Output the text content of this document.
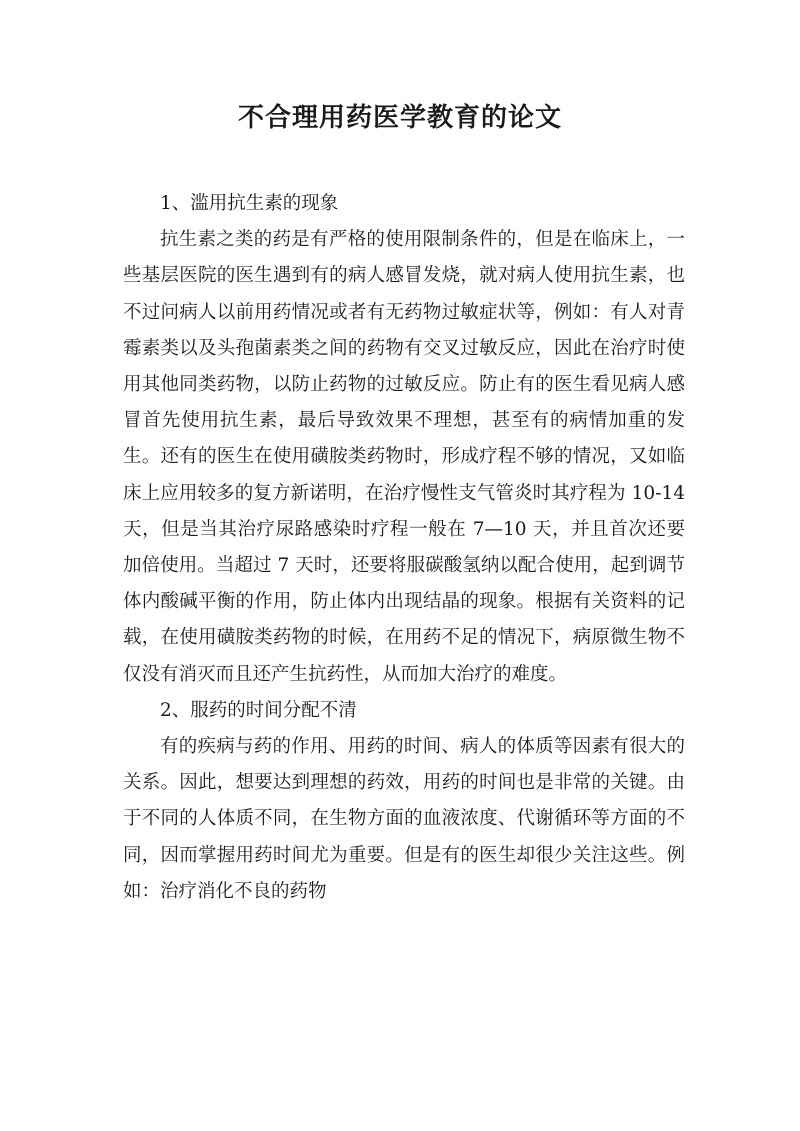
不合理用药医学教育的论文

1、滥用抗生素的现象

抗生素之类的药是有严格的使用限制条件的，但是在临床上，一些基层医院的医生遇到有的病人感冒发烧，就对病人使用抗生素，也不过问病人以前用药情况或者有无药物过敏症状等，例如：有人对青霉素类以及头孢菌素类之间的药物有交叉过敏反应，因此在治疗时使用其他同类药物，以防止药物的过敏反应。防止有的医生看见病人感冒首先使用抗生素，最后导致效果不理想，甚至有的病情加重的发生。还有的医生在使用磺胺类药物时，形成疗程不够的情况，又如临床上应用较多的复方新诺明，在治疗慢性支气管炎时其疗程为 10-14 天，但是当其治疗尿路感染时疗程一般在 7—10 天，并且首次还要加倍使用。当超过 7 天时，还要将服碳酸氢纳以配合使用，起到调节体内酸碱平衡的作用，防止体内出现结晶的现象。根据有关资料的记载，在使用磺胺类药物的时候，在用药不足的情况下，病原微生物不仅没有消灭而且还产生抗药性，从而加大治疗的难度。

2、服药的时间分配不清

有的疾病与药的作用、用药的时间、病人的体质等因素有很大的关系。因此，想要达到理想的药效，用药的时间也是非常的关键。由于不同的人体质不同，在生物方面的血液浓度、代谢循环等方面的不同，因而掌握用药时间尤为重要。但是有的医生却很少关注这些。例如：治疗消化不良的药物
